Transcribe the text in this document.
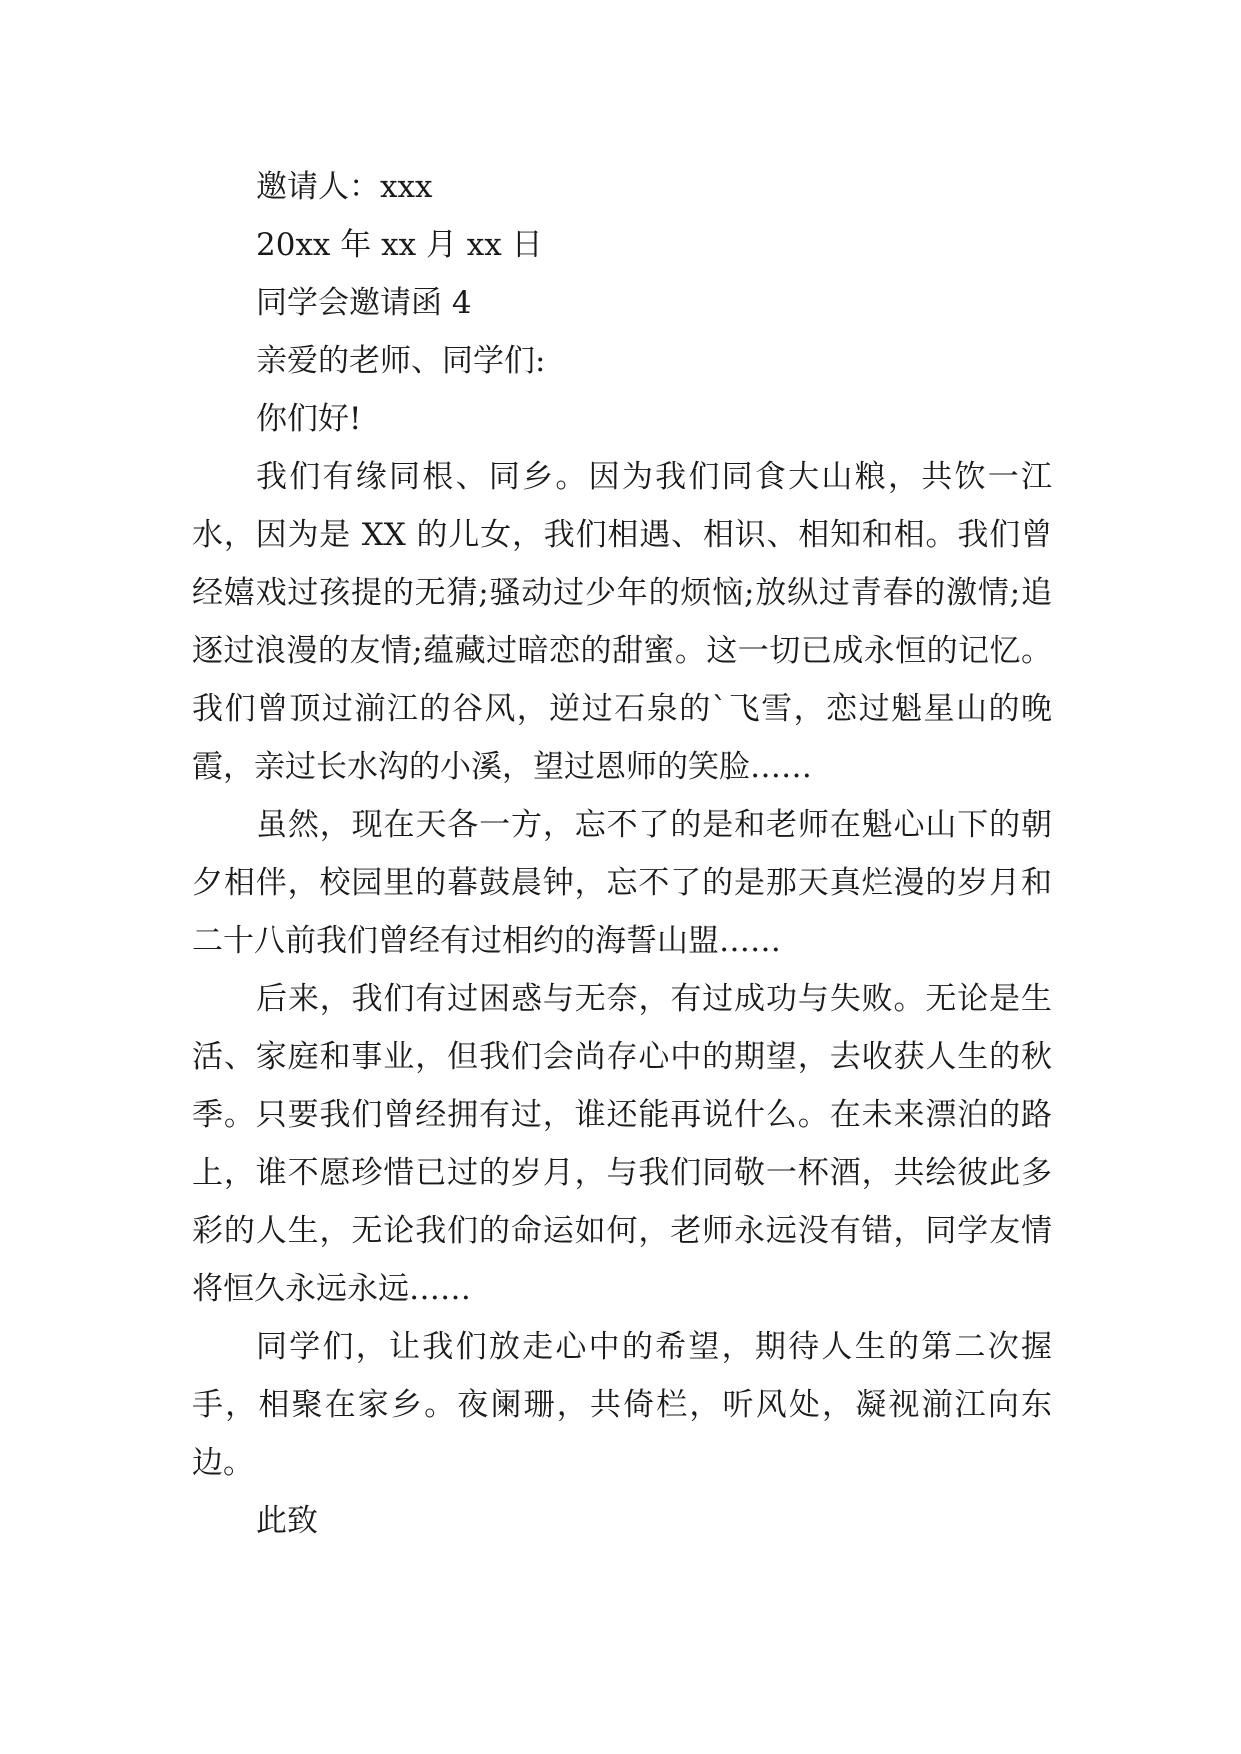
邀请人：xxx

20xx 年 xx 月 xx 日

同学会邀请函 4

亲爱的老师、同学们:

你们好!

我们有缘同根、同乡。因为我们同食大山粮，共饮一江水，因为是 XX 的儿女，我们相遇、相识、相知和相。我们曾经嬉戏过孩提的无猜;骚动过少年的烦恼;放纵过青春的激情;追逐过浪漫的友情;蕴藏过暗恋的甜蜜。这一切已成永恒的记忆。我们曾顶过湔江的谷风，逆过石泉的`飞雪，恋过魁星山的晚霞，亲过长水沟的小溪，望过恩师的笑脸……

虽然，现在天各一方，忘不了的是和老师在魁心山下的朝夕相伴，校园里的暮鼓晨钟，忘不了的是那天真烂漫的岁月和二十八前我们曾经有过相约的海誓山盟……

后来，我们有过困惑与无奈，有过成功与失败。无论是生活、家庭和事业，但我们会尚存心中的期望，去收获人生的秋季。只要我们曾经拥有过，谁还能再说什么。在未来漂泊的路上，谁不愿珍惜已过的岁月，与我们同敬一杯酒，共绘彼此多彩的人生，无论我们的命运如何，老师永远没有错，同学友情将恒久永远永远……

同学们，让我们放走心中的希望，期待人生的第二次握手，相聚在家乡。夜阑珊，共倚栏，听风处，凝视湔江向东边。

此致
